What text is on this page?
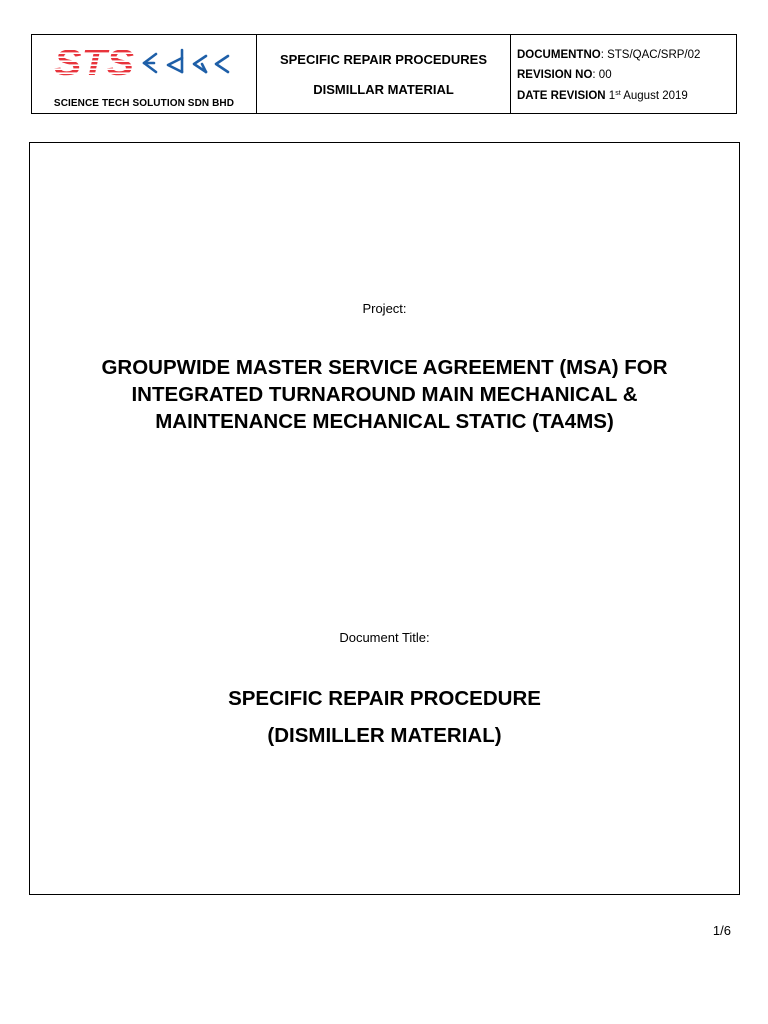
STS
SCIENCE TECH SOLUTION SDN BHD
SPECIFIC REPAIR PROCEDURES
DISMILLAR MATERIAL
DOCUMENTNO: STS/QAC/SRP/02
REVISION NO: 00
DATE REVISION 1st August 2019
Project:
GROUPWIDE MASTER SERVICE AGREEMENT (MSA) FOR
INTEGRATED TURNAROUND MAIN MECHANICAL &
MAINTENANCE MECHANICAL STATIC (TA4MS)
Document Title:
SPECIFIC REPAIR PROCEDURE
(DISMILLER MATERIAL)
1/6
